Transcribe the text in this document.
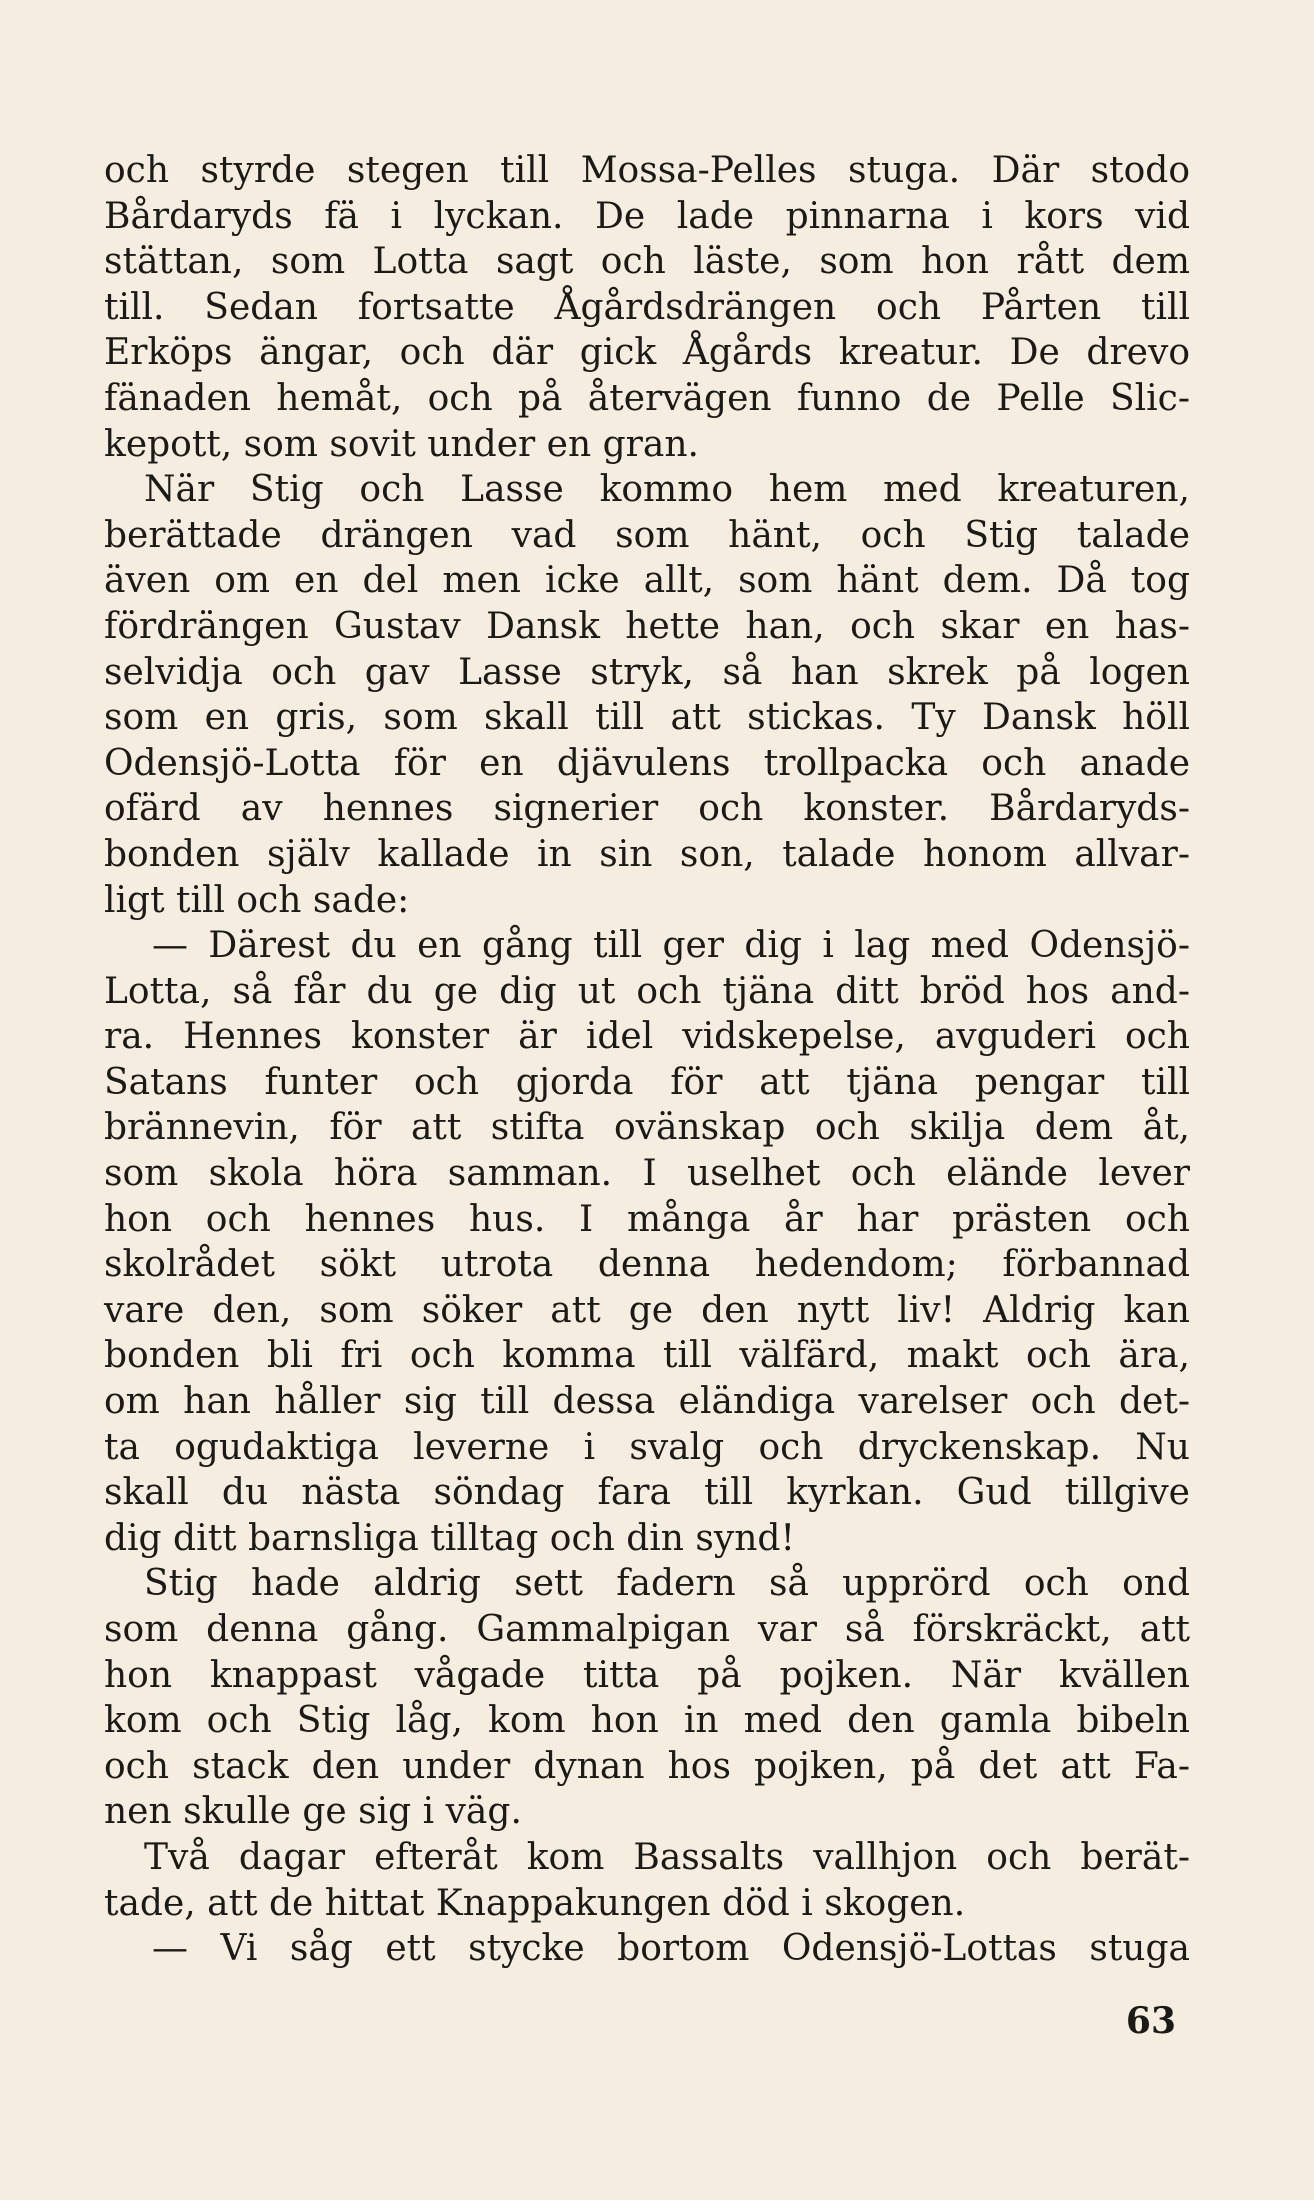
och styrde stegen till Mossa-Pelles stuga. Där stodo
Bårdaryds fä i lyckan. De lade pinnarna i kors vid
stättan, som Lotta sagt och läste, som hon rått dem
till. Sedan fortsatte Ågårdsdrängen och Pårten till
Erköps ängar, och där gick Ågårds kreatur. De drevo
fänaden hemåt, och på återvägen funno de Pelle Slic-
kepott, som sovit under en gran.
När Stig och Lasse kommo hem med kreaturen,
berättade drängen vad som hänt, och Stig talade
även om en del men icke allt, som hänt dem. Då tog
fördrängen Gustav Dansk hette han, och skar en has-
selvidja och gav Lasse stryk, så han skrek på logen
som en gris, som skall till att stickas. Ty Dansk höll
Odensjö-Lotta för en djävulens trollpacka och anade
ofärd av hennes signerier och konster. Bårdaryds-
bonden själv kallade in sin son, talade honom allvar-
ligt till och sade:
— Därest du en gång till ger dig i lag med Odensjö-
Lotta, så får du ge dig ut och tjäna ditt bröd hos and-
ra. Hennes konster är idel vidskepelse, avguderi och
Satans funter och gjorda för att tjäna pengar till
brännevin, för att stifta ovänskap och skilja dem åt,
som skola höra samman. I uselhet och elände lever
hon och hennes hus. I många år har prästen och
skolrådet sökt utrota denna hedendom; förbannad
vare den, som söker att ge den nytt liv! Aldrig kan
bonden bli fri och komma till välfärd, makt och ära,
om han håller sig till dessa eländiga varelser och det-
ta ogudaktiga leverne i svalg och dryckenskap. Nu
skall du nästa söndag fara till kyrkan. Gud tillgive
dig ditt barnsliga tilltag och din synd!
Stig hade aldrig sett fadern så upprörd och ond
som denna gång. Gammalpigan var så förskräckt, att
hon knappast vågade titta på pojken. När kvällen
kom och Stig låg, kom hon in med den gamla bibeln
och stack den under dynan hos pojken, på det att Fa-
nen skulle ge sig i väg.
Två dagar efteråt kom Bassalts vallhjon och berät-
tade, att de hittat Knappakungen död i skogen.
— Vi såg ett stycke bortom Odensjö-Lottas stuga
63
